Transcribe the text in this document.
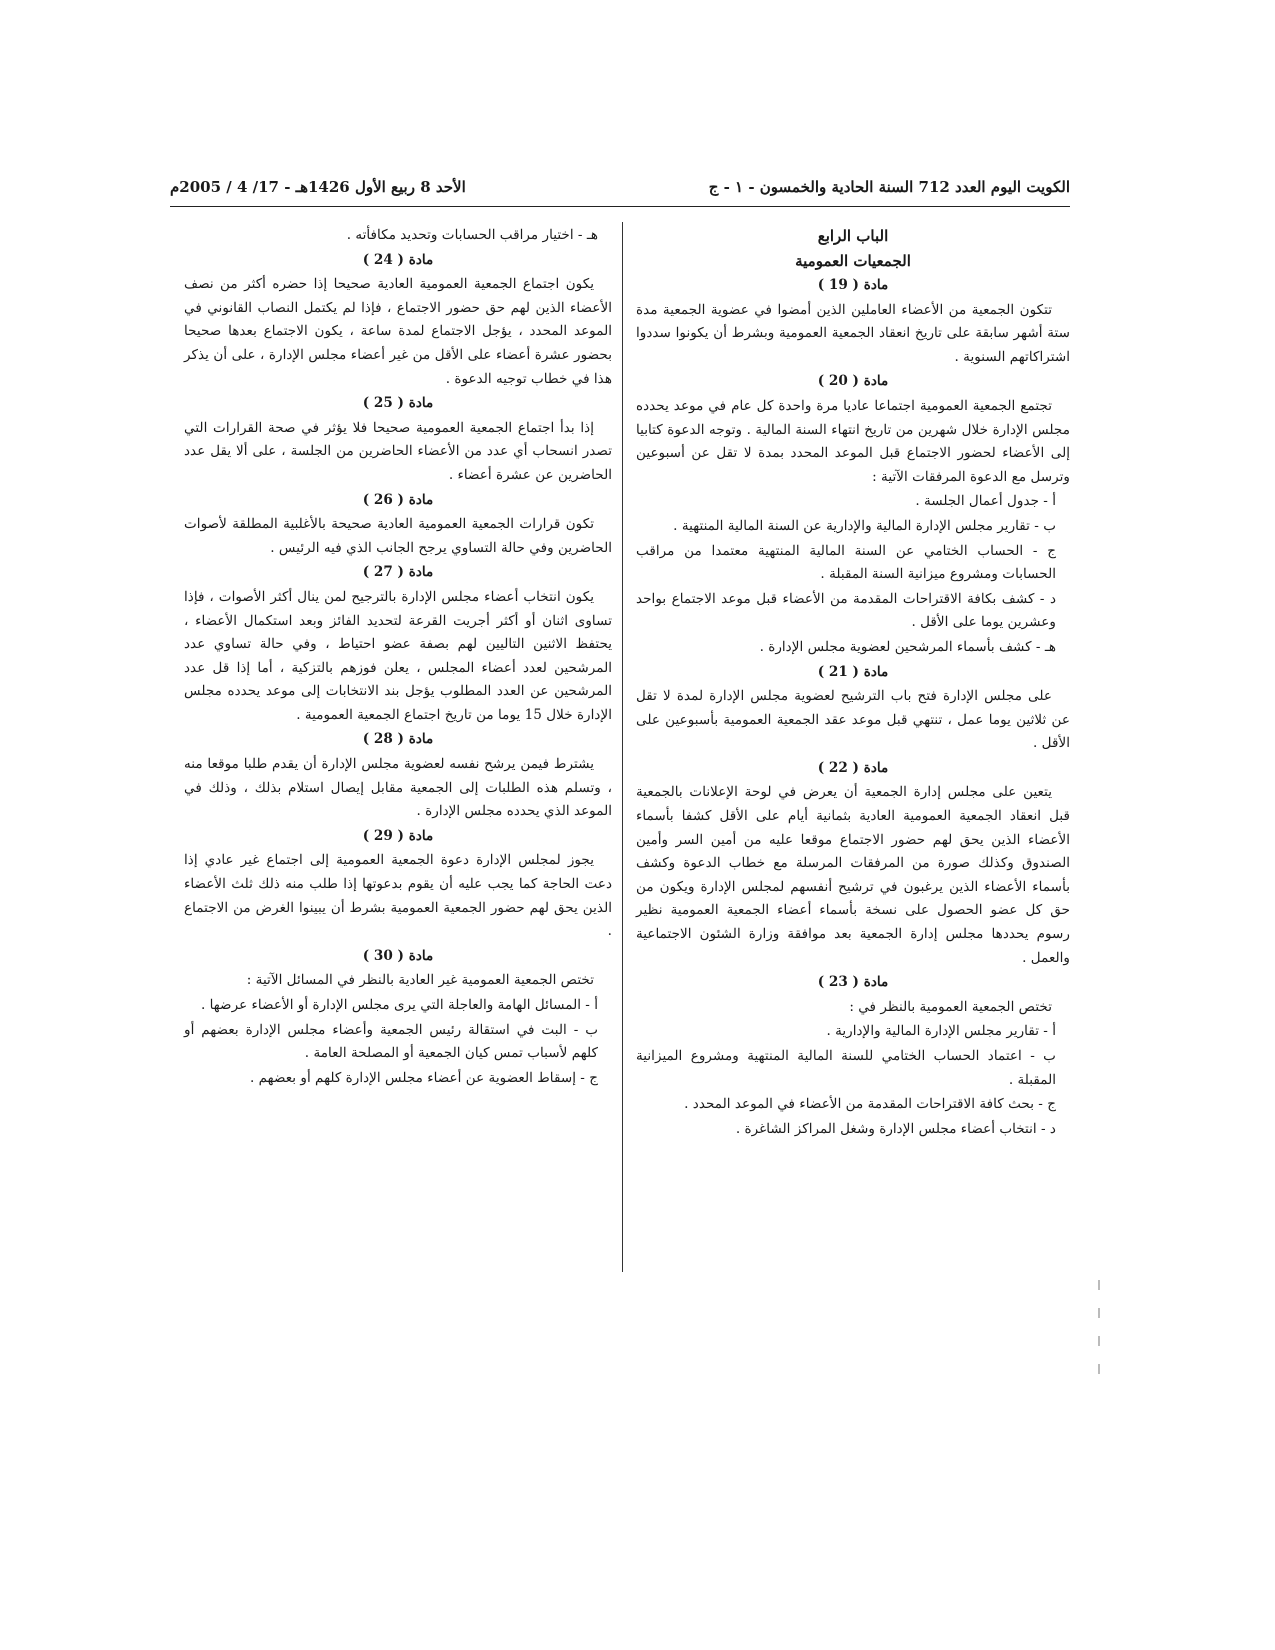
الكويت اليوم العدد 712 السنة الحادية والخمسون - ١ - ج
الأحد 8 ربيع الأول 1426هـ - 17/ 4 / 2005م

الباب الرابع

الجمعيات العمومية

مادة ( 19 )

تتكون الجمعية من الأعضاء العاملين الذين أمضوا في عضوية الجمعية مدة ستة أشهر سابقة على تاريخ انعقاد الجمعية العمومية وبشرط أن يكونوا سددوا اشتراكاتهم السنوية .

مادة ( 20 )

تجتمع الجمعية العمومية اجتماعا عاديا مرة واحدة كل عام في موعد يحدده مجلس الإدارة خلال شهرين من تاريخ انتهاء السنة المالية . وتوجه الدعوة كتابيا إلى الأعضاء لحضور الاجتماع قبل الموعد المحدد بمدة لا تقل عن أسبوعين وترسل مع الدعوة المرفقات الآتية :

أ - جدول أعمال الجلسة .

ب - تقارير مجلس الإدارة المالية والإدارية عن السنة المالية المنتهية .

ج - الحساب الختامي عن السنة المالية المنتهية معتمدا من مراقب الحسابات ومشروع ميزانية السنة المقبلة .

د - كشف بكافة الاقتراحات المقدمة من الأعضاء قبل موعد الاجتماع بواحد وعشرين يوما على الأقل .

هـ - كشف بأسماء المرشحين لعضوية مجلس الإدارة .

مادة ( 21 )

على مجلس الإدارة فتح باب الترشيح لعضوية مجلس الإدارة لمدة لا تقل عن ثلاثين يوما عمل ، تنتهي قبل موعد عقد الجمعية العمومية بأسبوعين على الأقل .

مادة ( 22 )

يتعين على مجلس إدارة الجمعية أن يعرض في لوحة الإعلانات بالجمعية قبل انعقاد الجمعية العمومية العادية بثمانية أيام على الأقل كشفا بأسماء الأعضاء الذين يحق لهم حضور الاجتماع موقعا عليه من أمين السر وأمين الصندوق وكذلك صورة من المرفقات المرسلة مع خطاب الدعوة وكشف بأسماء الأعضاء الذين يرغبون في ترشيح أنفسهم لمجلس الإدارة ويكون من حق كل عضو الحصول على نسخة بأسماء أعضاء الجمعية العمومية نظير رسوم يحددها مجلس إدارة الجمعية بعد موافقة وزارة الشئون الاجتماعية والعمل .

مادة ( 23 )

تختص الجمعية العمومية بالنظر في :

أ - تقارير مجلس الإدارة المالية والإدارية .

ب - اعتماد الحساب الختامي للسنة المالية المنتهية ومشروع الميزانية المقبلة .

ج - بحث كافة الاقتراحات المقدمة من الأعضاء في الموعد المحدد .

د - انتخاب أعضاء مجلس الإدارة وشغل المراكز الشاغرة .

هـ - اختيار مراقب الحسابات وتحديد مكافأته .

مادة ( 24 )

يكون اجتماع الجمعية العمومية العادية صحيحا إذا حضره أكثر من نصف الأعضاء الذين لهم حق حضور الاجتماع ، فإذا لم يكتمل النصاب القانوني في الموعد المحدد ، يؤجل الاجتماع لمدة ساعة ، يكون الاجتماع بعدها صحيحا بحضور عشرة أعضاء على الأقل من غير أعضاء مجلس الإدارة ، على أن يذكر هذا في خطاب توجيه الدعوة .

مادة ( 25 )

إذا بدأ اجتماع الجمعية العمومية صحيحا فلا يؤثر في صحة القرارات التي تصدر انسحاب أي عدد من الأعضاء الحاضرين من الجلسة ، على ألا يقل عدد الحاضرين عن عشرة أعضاء .

مادة ( 26 )

تكون قرارات الجمعية العمومية العادية صحيحة بالأغلبية المطلقة لأصوات الحاضرين وفي حالة التساوي يرجح الجانب الذي فيه الرئيس .

مادة ( 27 )

يكون انتخاب أعضاء مجلس الإدارة بالترجيح لمن ينال أكثر الأصوات ، فإذا تساوى اثنان أو أكثر أجريت القرعة لتحديد الفائز وبعد استكمال الأعضاء ، يحتفظ الاثنين التاليين لهم بصفة عضو احتياط ، وفي حالة تساوي عدد المرشحين لعدد أعضاء المجلس ، يعلن فوزهم بالتزكية ، أما إذا قل عدد المرشحين عن العدد المطلوب يؤجل بند الانتخابات إلى موعد يحدده مجلس الإدارة خلال 15 يوما من تاريخ اجتماع الجمعية العمومية .

مادة ( 28 )

يشترط فيمن يرشح نفسه لعضوية مجلس الإدارة أن يقدم طلبا موقعا منه ، وتسلم هذه الطلبات إلى الجمعية مقابل إيصال استلام بذلك ، وذلك في الموعد الذي يحدده مجلس الإدارة .

مادة ( 29 )

يجوز لمجلس الإدارة دعوة الجمعية العمومية إلى اجتماع غير عادي إذا دعت الحاجة كما يجب عليه أن يقوم بدعوتها إذا طلب منه ذلك ثلث الأعضاء الذين يحق لهم حضور الجمعية العمومية بشرط أن يبينوا الغرض من الاجتماع .

مادة ( 30 )

تختص الجمعية العمومية غير العادية بالنظر في المسائل الآتية :

أ - المسائل الهامة والعاجلة التي يرى مجلس الإدارة أو الأعضاء عرضها .

ب - البت في استقالة رئيس الجمعية وأعضاء مجلس الإدارة بعضهم أو كلهم لأسباب تمس كيان الجمعية أو المصلحة العامة .

ج - إسقاط العضوية عن أعضاء مجلس الإدارة كلهم أو بعضهم .
